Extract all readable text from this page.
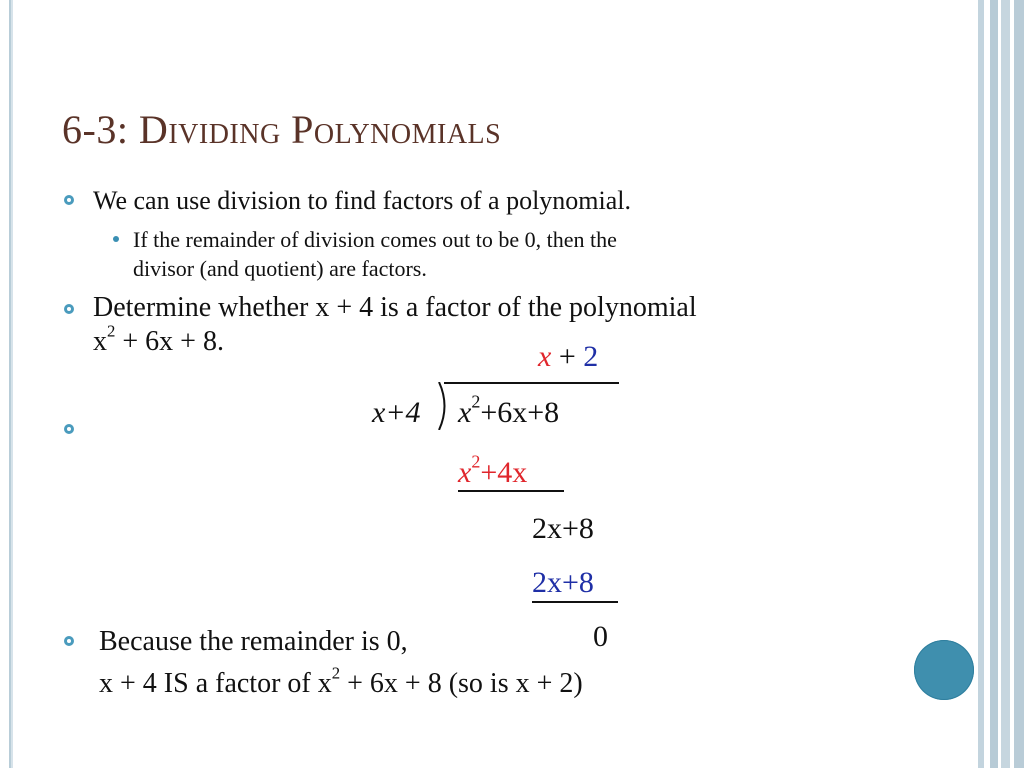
6-3: Dividing Polynomials
We can use division to find factors of a polynomial.
If the remainder of division comes out to be 0, then the
divisor (and quotient) are factors.
Determine whether x + 4 is a factor of the polynomial
$x^2 + 6x + 8$.	x + 2
x+4 $x^2+6x+8$
$x^2+4x$
2x+8
2x+8
0
Because the remainder is 0,
x + 4 IS a factor of $x^2 + 6x + 8$ (so is x + 2)
